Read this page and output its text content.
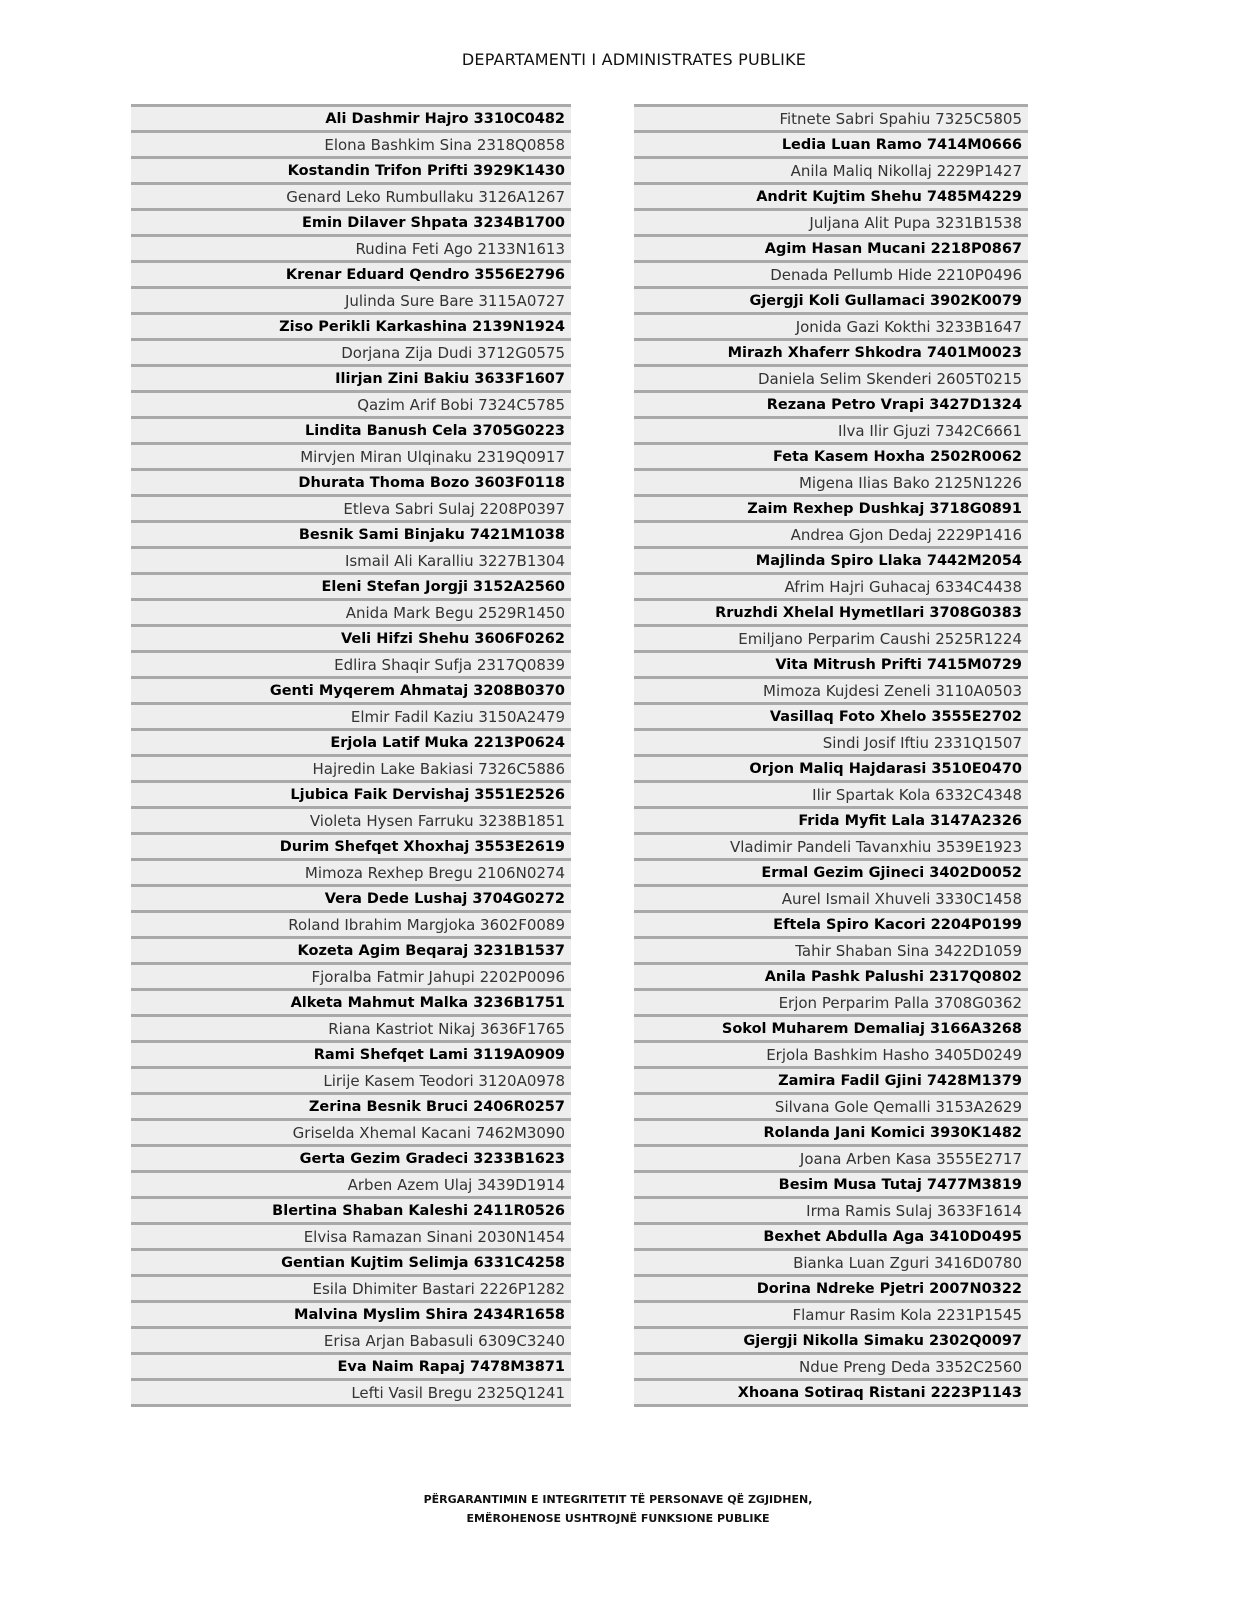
DEPARTAMENTI I ADMINISTRATES PUBLIKE
Ali Dashmir Hajro 3310C0482
Elona Bashkim Sina 2318Q0858
Kostandin Trifon Prifti 3929K1430
Genard Leko Rumbullaku 3126A1267
Emin Dilaver Shpata 3234B1700
Rudina Feti Ago 2133N1613
Krenar Eduard Qendro 3556E2796
Julinda Sure Bare 3115A0727
Ziso Perikli Karkashina 2139N1924
Dorjana Zija Dudi 3712G0575
Ilirjan Zini Bakiu 3633F1607
Qazim Arif Bobi 7324C5785
Lindita Banush Cela 3705G0223
Mirvjen Miran Ulqinaku 2319Q0917
Dhurata Thoma Bozo 3603F0118
Etleva Sabri Sulaj 2208P0397
Besnik Sami Binjaku 7421M1038
Ismail Ali Karalliu 3227B1304
Eleni Stefan Jorgji 3152A2560
Anida Mark Begu 2529R1450
Veli Hifzi Shehu 3606F0262
Edlira Shaqir Sufja 2317Q0839
Genti Myqerem Ahmataj 3208B0370
Elmir Fadil Kaziu 3150A2479
Erjola Latif Muka 2213P0624
Hajredin Lake Bakiasi 7326C5886
Ljubica Faik Dervishaj 3551E2526
Violeta Hysen Farruku 3238B1851
Durim Shefqet Xhoxhaj 3553E2619
Mimoza Rexhep Bregu 2106N0274
Vera Dede Lushaj 3704G0272
Roland Ibrahim Margjoka 3602F0089
Kozeta Agim Beqaraj 3231B1537
Fjoralba Fatmir Jahupi 2202P0096
Alketa Mahmut Malka 3236B1751
Riana Kastriot Nikaj 3636F1765
Rami Shefqet Lami 3119A0909
Lirije Kasem Teodori 3120A0978
Zerina Besnik Bruci 2406R0257
Griselda Xhemal Kacani 7462M3090
Gerta Gezim Gradeci 3233B1623
Arben Azem Ulaj 3439D1914
Blertina Shaban Kaleshi 2411R0526
Elvisa Ramazan Sinani 2030N1454
Gentian Kujtim Selimja 6331C4258
Esila Dhimiter Bastari 2226P1282
Malvina Myslim Shira 2434R1658
Erisa Arjan Babasuli 6309C3240
Eva Naim Rapaj 7478M3871
Lefti Vasil Bregu 2325Q1241
Fitnete Sabri Spahiu 7325C5805
Ledia Luan Ramo 7414M0666
Anila Maliq Nikollaj 2229P1427
Andrit Kujtim Shehu 7485M4229
Juljana Alit Pupa 3231B1538
Agim Hasan Mucani 2218P0867
Denada Pellumb Hide 2210P0496
Gjergji Koli Gullamaci 3902K0079
Jonida Gazi Kokthi 3233B1647
Mirazh Xhaferr Shkodra 7401M0023
Daniela Selim Skenderi 2605T0215
Rezana Petro Vrapi 3427D1324
Ilva Ilir Gjuzi 7342C6661
Feta Kasem Hoxha 2502R0062
Migena Ilias Bako 2125N1226
Zaim Rexhep Dushkaj 3718G0891
Andrea Gjon Dedaj 2229P1416
Majlinda Spiro Llaka 7442M2054
Afrim Hajri Guhacaj 6334C4438
Rruzhdi Xhelal Hymetllari 3708G0383
Emiljano Perparim Caushi 2525R1224
Vita Mitrush Prifti 7415M0729
Mimoza Kujdesi Zeneli 3110A0503
Vasillaq Foto Xhelo 3555E2702
Sindi Josif Iftiu 2331Q1507
Orjon Maliq Hajdarasi 3510E0470
Ilir Spartak Kola 6332C4348
Frida Myfit Lala 3147A2326
Vladimir Pandeli Tavanxhiu 3539E1923
Ermal Gezim Gjineci 3402D0052
Aurel Ismail Xhuveli 3330C1458
Eftela Spiro Kacori 2204P0199
Tahir Shaban Sina 3422D1059
Anila Pashk Palushi 2317Q0802
Erjon Perparim Palla 3708G0362
Sokol Muharem Demaliaj 3166A3268
Erjola Bashkim Hasho 3405D0249
Zamira Fadil Gjini 7428M1379
Silvana Gole Qemalli 3153A2629
Rolanda Jani Komici 3930K1482
Joana Arben Kasa 3555E2717
Besim Musa Tutaj 7477M3819
Irma Ramis Sulaj 3633F1614
Bexhet Abdulla Aga 3410D0495
Bianka Luan Zguri 3416D0780
Dorina Ndreke Pjetri 2007N0322
Flamur Rasim Kola 2231P1545
Gjergji Nikolla Simaku 2302Q0097
Ndue Preng Deda 3352C2560
Xhoana Sotiraq Ristani 2223P1143
PËRGARANTIMIN E INTEGRITETIT TË PERSONAVE QË ZGJIDHEN,
EMËROHENOSE USHTROJNË FUNKSIONE PUBLIKE
